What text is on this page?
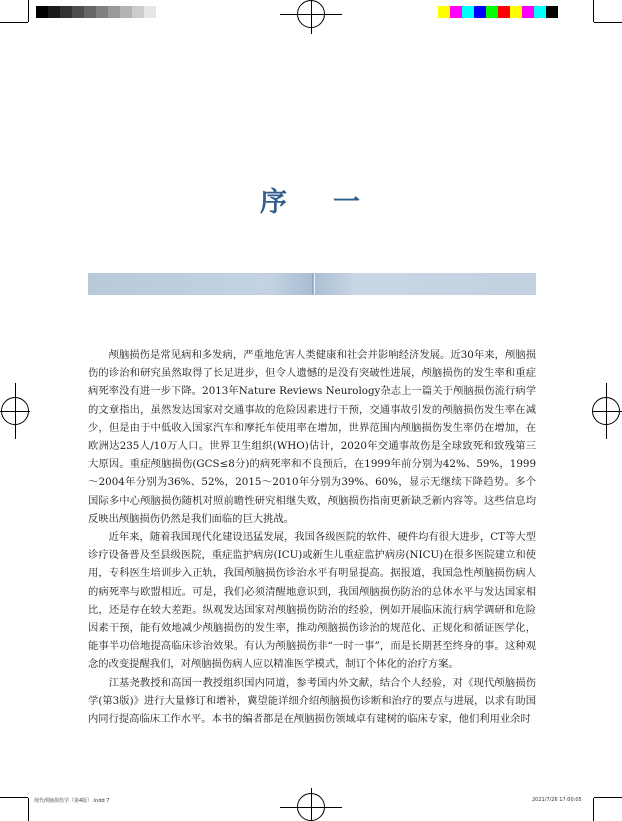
序 一

颅脑损伤是常见病和多发病，严重地危害人类健康和社会并影响经济发展。近30年来，颅脑损伤的诊治和研究虽然取得了长足进步，但令人遗憾的是没有突破性进展，颅脑损伤的发生率和重症病死率没有进一步下降。2013年Nature Reviews Neurology杂志上一篇关于颅脑损伤流行病学的文章指出，虽然发达国家对交通事故的危险因素进行干预，交通事故引发的颅脑损伤发生率在减少，但是由于中低收入国家汽车和摩托车使用率在增加，世界范围内颅脑损伤发生率仍在增加，在欧洲达235人/10万人口。世界卫生组织(WHO)估计，2020年交通事故伤是全球致死和致残第三大原因。重症颅脑损伤(GCS≤8分)的病死率和不良预后，在1999年前分别为42%、59%，1999～2004年分别为36%、52%，2015～2010年分别为39%、60%，显示无继续下降趋势。多个国际多中心颅脑损伤随机对照前瞻性研究相继失败，颅脑损伤指南更新缺乏新内容等。这些信息均反映出颅脑损伤仍然是我们面临的巨大挑战。

近年来，随着我国现代化建设迅猛发展，我国各级医院的软件、硬件均有很大进步，CT等大型诊疗设备普及至县级医院，重症监护病房(ICU)或新生儿重症监护病房(NICU)在很多医院建立和使用，专科医生培训步入正轨，我国颅脑损伤诊治水平有明显提高。据报道，我国急性颅脑损伤病人的病死率与欧盟相近。可是，我们必须清醒地意识到，我国颅脑损伤防治的总体水平与发达国家相比，还是存在较大差距。纵观发达国家对颅脑损伤防治的经验，例如开展临床流行病学调研和危险因素干预，能有效地减少颅脑损伤的发生率，推动颅脑损伤诊治的规范化、正规化和循证医学化，能事半功倍地提高临床诊治效果。有认为颅脑损伤非“一时一事”，而是长期甚至终身的事。这种观念的改变提醒我们，对颅脑损伤病人应以精准医学模式，制订个体化的治疗方案。

江基尧教授和高国一教授组织国内同道，参考国内外文献，结合个人经验，对《现代颅脑损伤学(第3版)》进行大量修订和增补，冀望能详细介绍颅脑损伤诊断和治疗的要点与进展，以求有助国内同行提高临床工作水平。本书的编者都是在颅脑损伤领域卓有建树的临床专家，他们利用业余时

现代颅脑损伤学（第4版）.indd 7	2021/7/26 17:00:05
